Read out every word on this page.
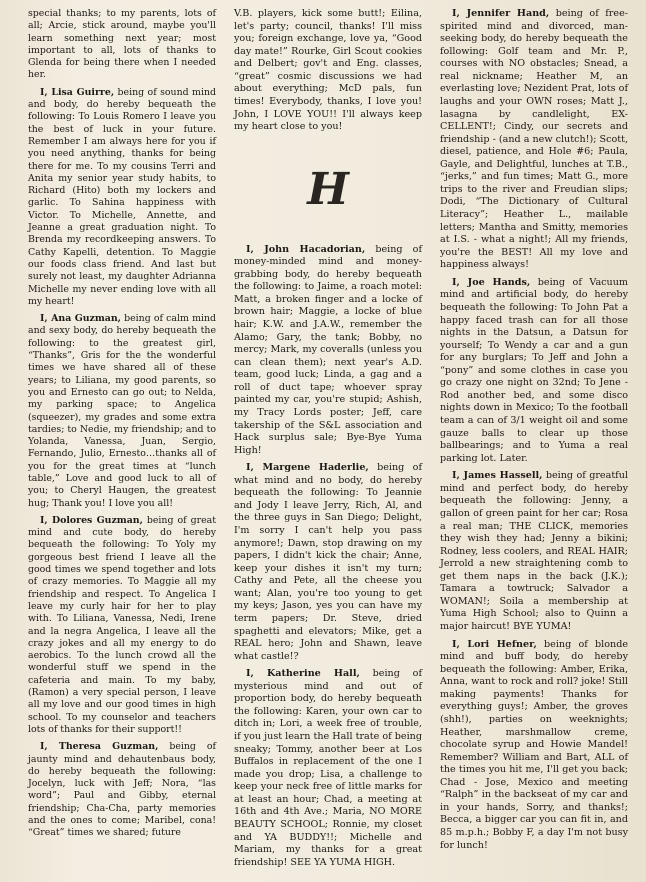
special thanks; to my parents, lots of all; Arcie, stick around, maybe you'll learn something next year; most important to all, lots of thanks to Glenda for being there when I needed her.

I, Lisa Guirre, being of sound mind and body, do hereby bequeath the following: To Louis Romero I leave you the best of luck in your future. Remember I am always here for you if you need anything, thanks for being there for me. To my cousins Terri and Anita my senior year study habits, to Richard (Hito) both my lockers and garlic. To Sahina happiness with Victor. To Michelle, Annette, and Jeanne a great graduation night. To Brenda my recordkeeping answers. To Cathy Kapelli, detention. To Maggie our foods class friend. And last but surely not least, my daughter Adrianna Michelle my never ending love with all my heart!

I, Ana Guzman, being of calm mind and sexy body, do hereby bequeath the following: to the greatest girl, “Thanks”, Gris for the the wonderful times we have shared all of these years; to Liliana, my good parents, so you and Ernesto can go out; to Nelda, my parking space; to Angelica (squeezer), my grades and some extra tardies; to Nedie, my friendship; and to Yolanda, Vanessa, Juan, Sergio, Fernando, Julio, Ernesto…thanks all of you for the great times at “lunch table,” Love and good luck to all of you; to Cheryl Haugen, the greatest hug; Thank you! I love you all!

I, Dolores Guzman, being of great mind and cute body, do hereby bequeath the following: To Yoly my gorgeous best friend I leave all the good times we spend together and lots of crazy memories. To Maggie all my friendship and respect. To Angelica I leave my curly hair for her to play with. To Liliana, Vanessa, Nedi, Irene and la negra Angelica, I leave all the crazy jokes and all my energy to do aerobics. To the lunch crowd all the wonderful stuff we spend in the cafeteria and main. To my baby, (Ramon) a very special person, I leave all my love and our good times in high school. To my counselor and teachers lots of thanks for their support!!

I, Theresa Guzman, being of jaunty mind and dehautenbaus body, do hereby bequeath the following: Jocelyn, luck with Jeff; Nora, “las word”; Paul and Gibby, eternal friendship; Cha-Cha, party memories and the ones to come; Maribel, cona! “Great” times we shared; future

V.B. players, kick some butt!; Eilina, let's party; council, thanks! I'll miss you; foreign exchange, love ya, “Good day mate!” Rourke, Girl Scout cookies and Delbert; gov't and Eng. classes, “great” cosmic discussions we had about everything; McD pals, fun times! Everybody, thanks, I love you! John, I LOVE YOU!! I'll always keep my heart close to you!

H

I, John Hacadorian, being of money-minded mind and money-grabbing body, do hereby bequeath the following: to Jaime, a roach motel: Matt, a broken finger and a locke of brown hair; Maggie, a locke of blue hair; K.W. and J.A.W., remember the Alamo; Gary, the tank; Bobby, no mercy; Mark, my coveralls (unless you can clean them); next year's A.D. team, good luck; Linda, a gag and a roll of duct tape; whoever spray painted my car, you're stupid; Ashish, my Tracy Lords poster; Jeff, care takership of the S&L association and Hack surplus sale; Bye-Bye Yuma High!

I, Margene Haderlie, being of what mind and no body, do hereby bequeath the following: To Jeannie and Jody I leave Jerry, Rich, Al, and the three guys in San Diego; Delight, I'm sorry I can't help you pass anymore!; Dawn, stop drawing on my papers, I didn't kick the chair; Anne, keep your dishes it isn't my turn; Cathy and Pete, all the cheese you want; Alan, you're too young to get my keys; Jason, yes you can have my term papers; Dr. Steve, dried spaghetti and elevators; Mike, get a REAL hero; John and Shawn, leave what castle!?

I, Katherine Hall, being of mysterious mind and out of proportion body, do hereby bequeath the following: Karen, your own car to ditch in; Lori, a week free of trouble, if you just learn the Hall trate of being sneaky; Tommy, another beer at Los Buffalos in replacement of the one I made you drop; Lisa, a challenge to keep your neck free of little marks for at least an hour; Chad, a meeting at 16th and 4th Ave.; Maria, NO MORE BEAUTY SCHOOL; Ronnie, my closet and YA BUDDY!!; Michelle and Mariam, my thanks for a great friendship! SEE YA YUMA HIGH.

I, Jennifer Hand, being of free-spirited mind and divorced, man-seeking body, do hereby bequeath the following: Golf team and Mr. P., courses with NO obstacles; Snead, a real nickname; Heather M, an everlasting love; Nezident Prat, lots of laughs and your OWN roses; Matt J., lasagna by candlelight, EX-CELLENT!; Cindy, our secrets and friendship - (and a new clutch!); Scott, diesel, patience, and Hole #6; Paula, Gayle, and Delightful, lunches at T.B., “jerks,” and fun times; Matt G., more trips to the river and Freudian slips; Dodi, “The Dictionary of Cultural Literacy”; Heather L., mailable letters; Mantha and Smitty, memories at I.S. - what a night!; All my friends, you're the BEST! All my love and happiness always!

I, Joe Hands, being of Vacuum mind and artificial body, do hereby bequeath the following: To John Pat a happy faced trash can for all those nights in the Datsun, a Datsun for yourself; To Wendy a car and a gun for any burglars; To Jeff and John a “pony” and some clothes in case you go crazy one night on 32nd; To Jene - Rod another bed, and some disco nights down in Mexico; To the football team a can of 3/1 weight oil and some gauze balls to clear up those ballbearings; and to Yuma a real parking lot. Later.

I, James Hassell, being of greatful mind and perfect body, do hereby bequeath the following: Jenny, a gallon of green paint for her car; Rosa a real man; THE CLICK, memories they wish they had; Jenny a bikini; Rodney, less coolers, and REAL HAIR; Jerrold a new straightening comb to get them naps in the back (J.K.); Tamara a towtruck; Salvador a WOMAN!; Soila a membership at Yuma High School; also to Quinn a major haircut! BYE YUMA!

I, Lori Hefner, being of blonde mind and buff body, do hereby bequeath the following: Amber, Erika, Anna, want to rock and roll? joke! Still making payments! Thanks for everything guys!; Amber, the groves (shh!), parties on weeknights; Heather, marshmallow creme, chocolate syrup and Howie Mandel! Remember? William and Bart, ALL of the times you hit me, I'll get you back; Chad - Jose, Mexico and meeting “Ralph” in the backseat of my car and in your hands, Sorry, and thanks!; Becca, a bigger car you can fit in, and 85 m.p.h.; Bobby F, a day I'm not busy for lunch!
